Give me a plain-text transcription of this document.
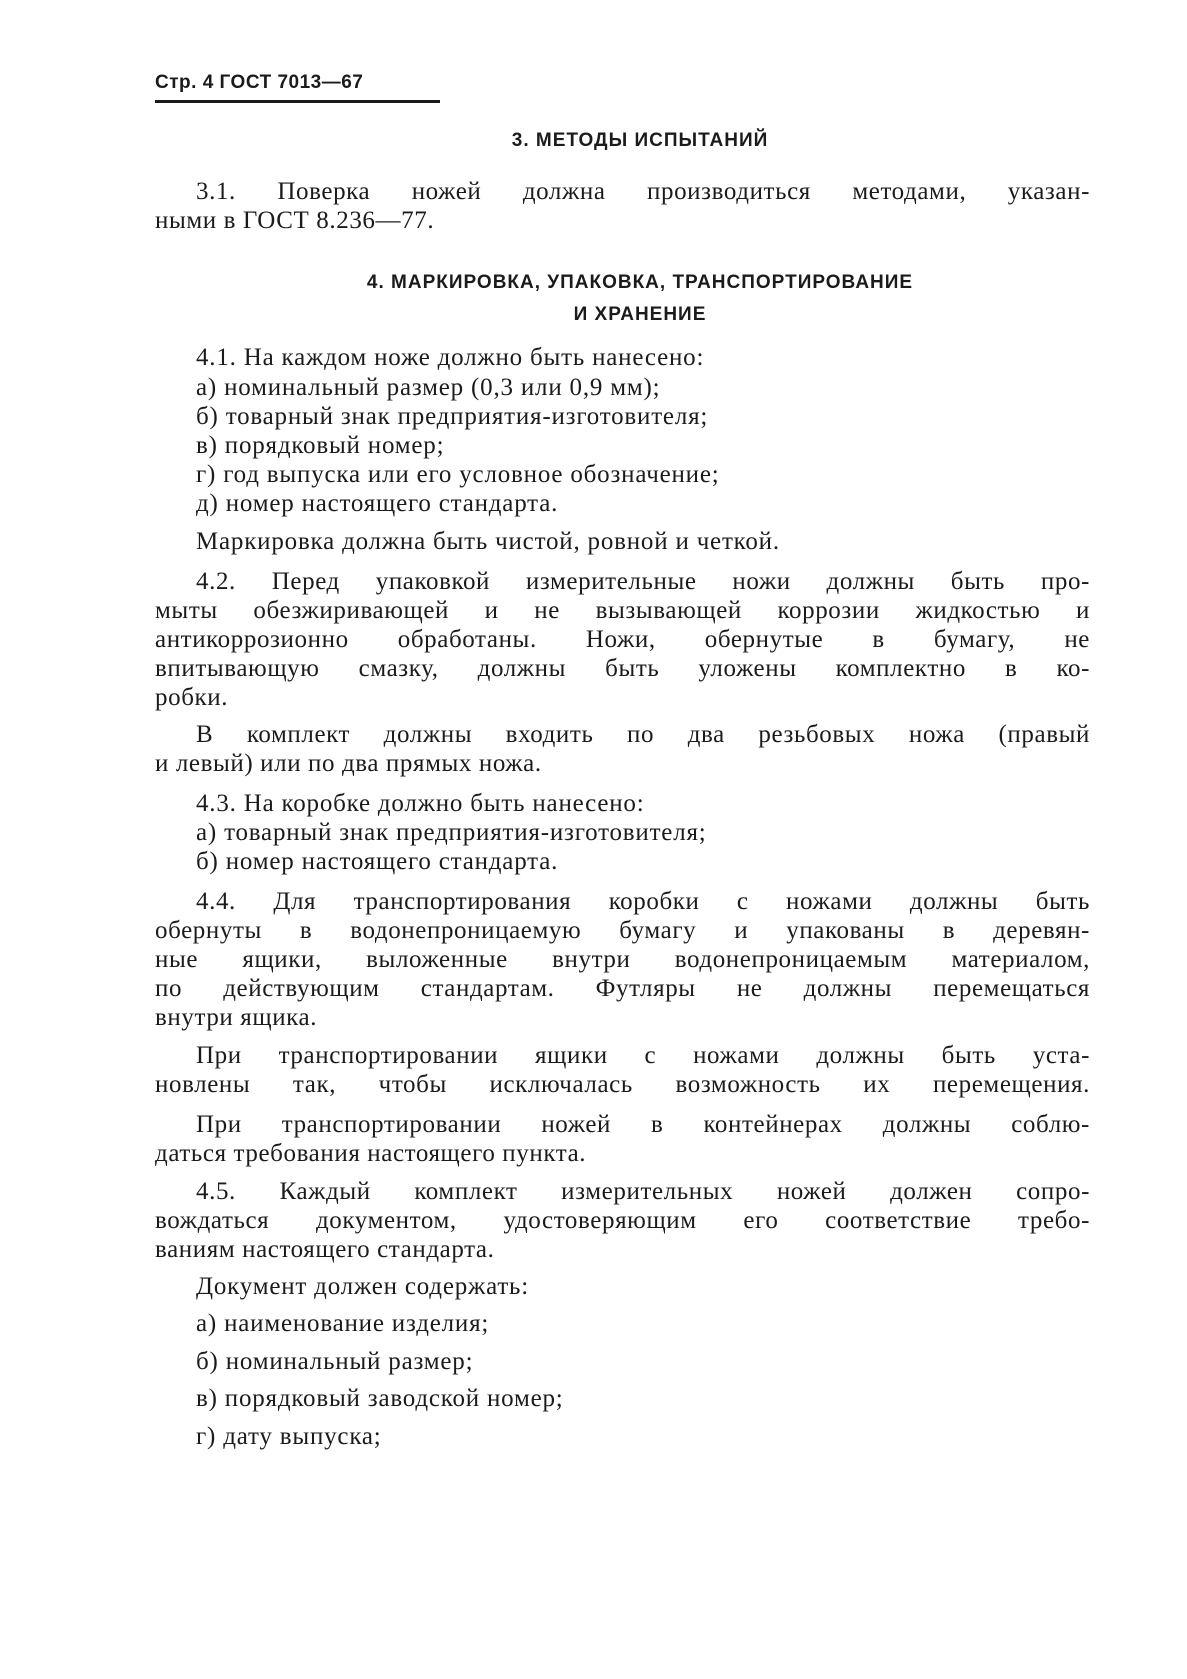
Стр. 4 ГОСТ 7013—67
3. МЕТОДЫ ИСПЫТАНИЙ

3.1. Поверка ножей должна производиться методами, указан-

ными в ГОСТ 8.236—77.

4. МАРКИРОВКА, УПАКОВКА, ТРАНСПОРТИРОВАНИЕ
И ХРАНЕНИЕ

4.1. На каждом ноже должно быть нанесено:

а) номинальный размер (0,3 или 0,9 мм);

б) товарный знак предприятия-изготовителя;

в) порядковый номер;

г) год выпуска или его условное обозначение;

д) номер настоящего стандарта.

Маркировка должна быть чистой, ровной и четкой.

4.2. Перед упаковкой измерительные ножи должны быть про-

мыты обезжиривающей и не вызывающей коррозии жидкостью и

антикоррозионно обработаны. Ножи, обернутые в бумагу, не

впитывающую смазку, должны быть уложены комплектно в ко-

робки.

В комплект должны входить по два резьбовых ножа (правый

и левый) или по два прямых ножа.

4.3. На коробке должно быть нанесено:

а) товарный знак предприятия-изготовителя;

б) номер настоящего стандарта.

4.4. Для транспортирования коробки с ножами должны быть

обернуты в водонепроницаемую бумагу и упакованы в деревян-

ные ящики, выложенные внутри водонепроницаемым материалом,

по действующим стандартам. Футляры не должны перемещаться

внутри ящика.

При транспортировании ящики с ножами должны быть уста-

новлены так, чтобы исключалась возможность их перемещения.

При транспортировании ножей в контейнерах должны соблю-

даться требования настоящего пункта.

4.5. Каждый комплект измерительных ножей должен сопро-

вождаться документом, удостоверяющим его соответствие требо-

ваниям настоящего стандарта.

Документ должен содержать:

а) наименование изделия;

б) номинальный размер;

в) порядковый заводской номер;

г) дату выпуска;
